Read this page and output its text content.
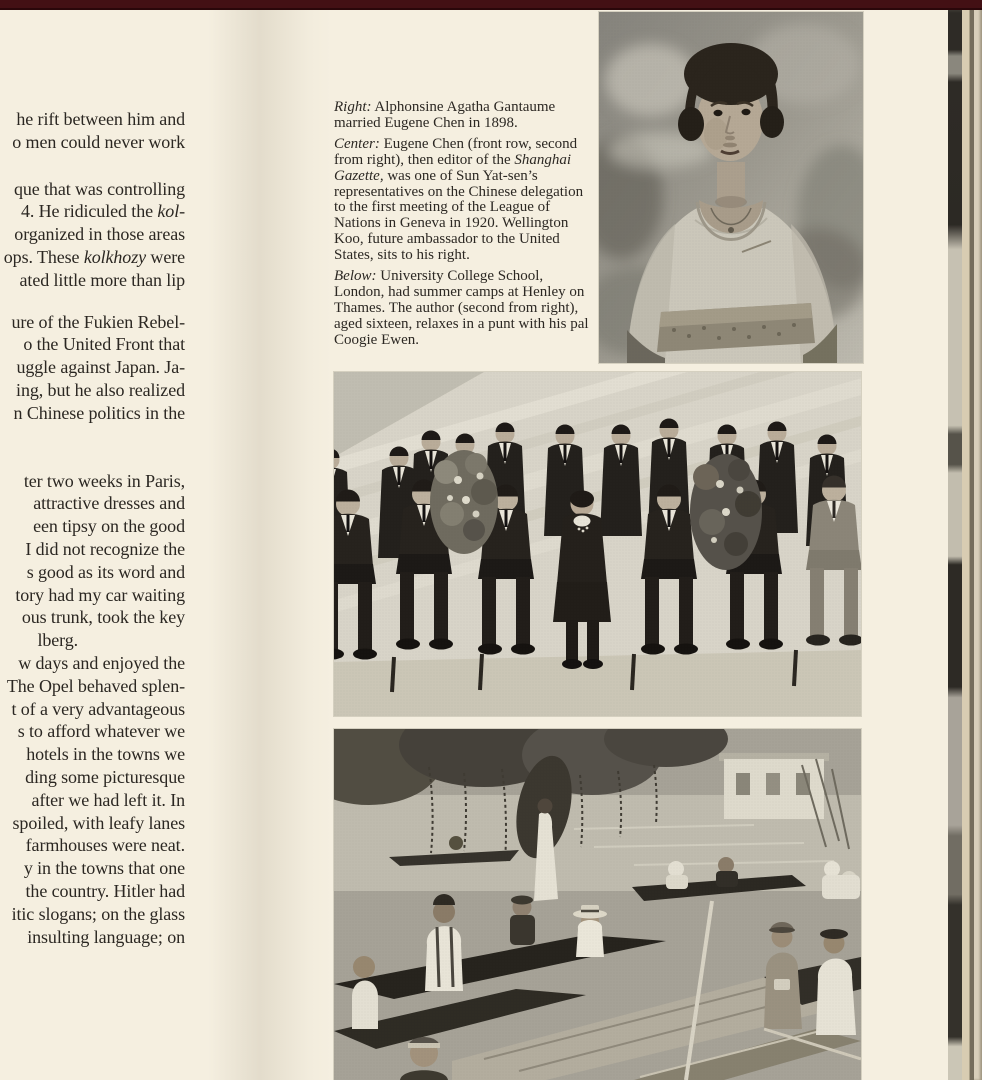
he rift between him and
o men could never work
que that was controlling
4. He ridiculed the kol-
organized in those areas
ops. These kolkhozy were
ated little more than lip
ure of the Fukien Rebel-
o the United Front that
uggle against Japan. Ja-
ing, but he also realized
n Chinese politics in the
ter two weeks in Paris,
attractive dresses and
een tipsy on the good
I did not recognize the
s good as its word and
tory had my car waiting
ous trunk, took the key
lberg.
w days and enjoyed the
The Opel behaved splen-
t of a very advantageous
s to afford whatever we
hotels in the towns we
ding some picturesque
after we had left it. In
spoiled, with leafy lanes
farmhouses were neat.
y in the towns that one
the country. Hitler had
itic slogans; on the glass
insulting language; on
Right: Alphonsine Agatha Gantaume married Eugene Chen in 1898.
Center: Eugene Chen (front row, second from right), then editor of the Shanghai Gazette, was one of Sun Yat-sen’s representatives on the Chinese delegation to the first meeting of the League of Nations in Geneva in 1920. Wellington Koo, future ambassador to the United States, sits to his right.
Below: University College School, London, had summer camps at Henley on Thames. The author (second from right), aged sixteen, relaxes in a punt with his pal Coogie Ewen.
